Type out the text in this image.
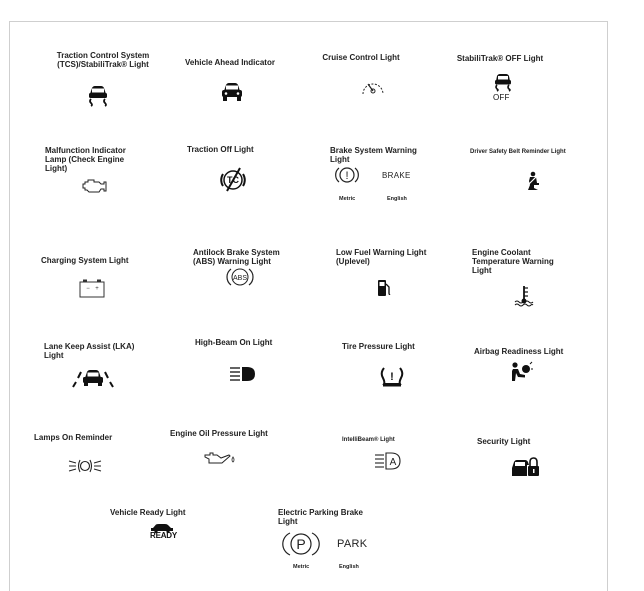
Traction Control System (TCS)/StabiliTrak® Light	Vehicle Ahead Indicator
Cruise Control Light	StabiliTrak® OFF Light
OFF
Malfunction Indicator Lamp (Check Engine Light)
Traction Off Light
TC
Brake System Warning Light
!	BRAKE
Metric	English
Driver Safety Belt Reminder Light
Charging System Light
− +
Antilock Brake System (ABS) Warning Light
ABS
Low Fuel Warning Light (Uplevel)
Engine Coolant Temperature Warning Light
Lane Keep Assist (LKA) Light
High-Beam On Light	Tire Pressure Light
!
Airbag Readiness Light
Lamps On Reminder	Engine Oil Pressure Light
IntelliBeam® Light
A
Security Light
Vehicle Ready Light
READY
Electric Parking Brake Light
P	PARK
Metric	English
